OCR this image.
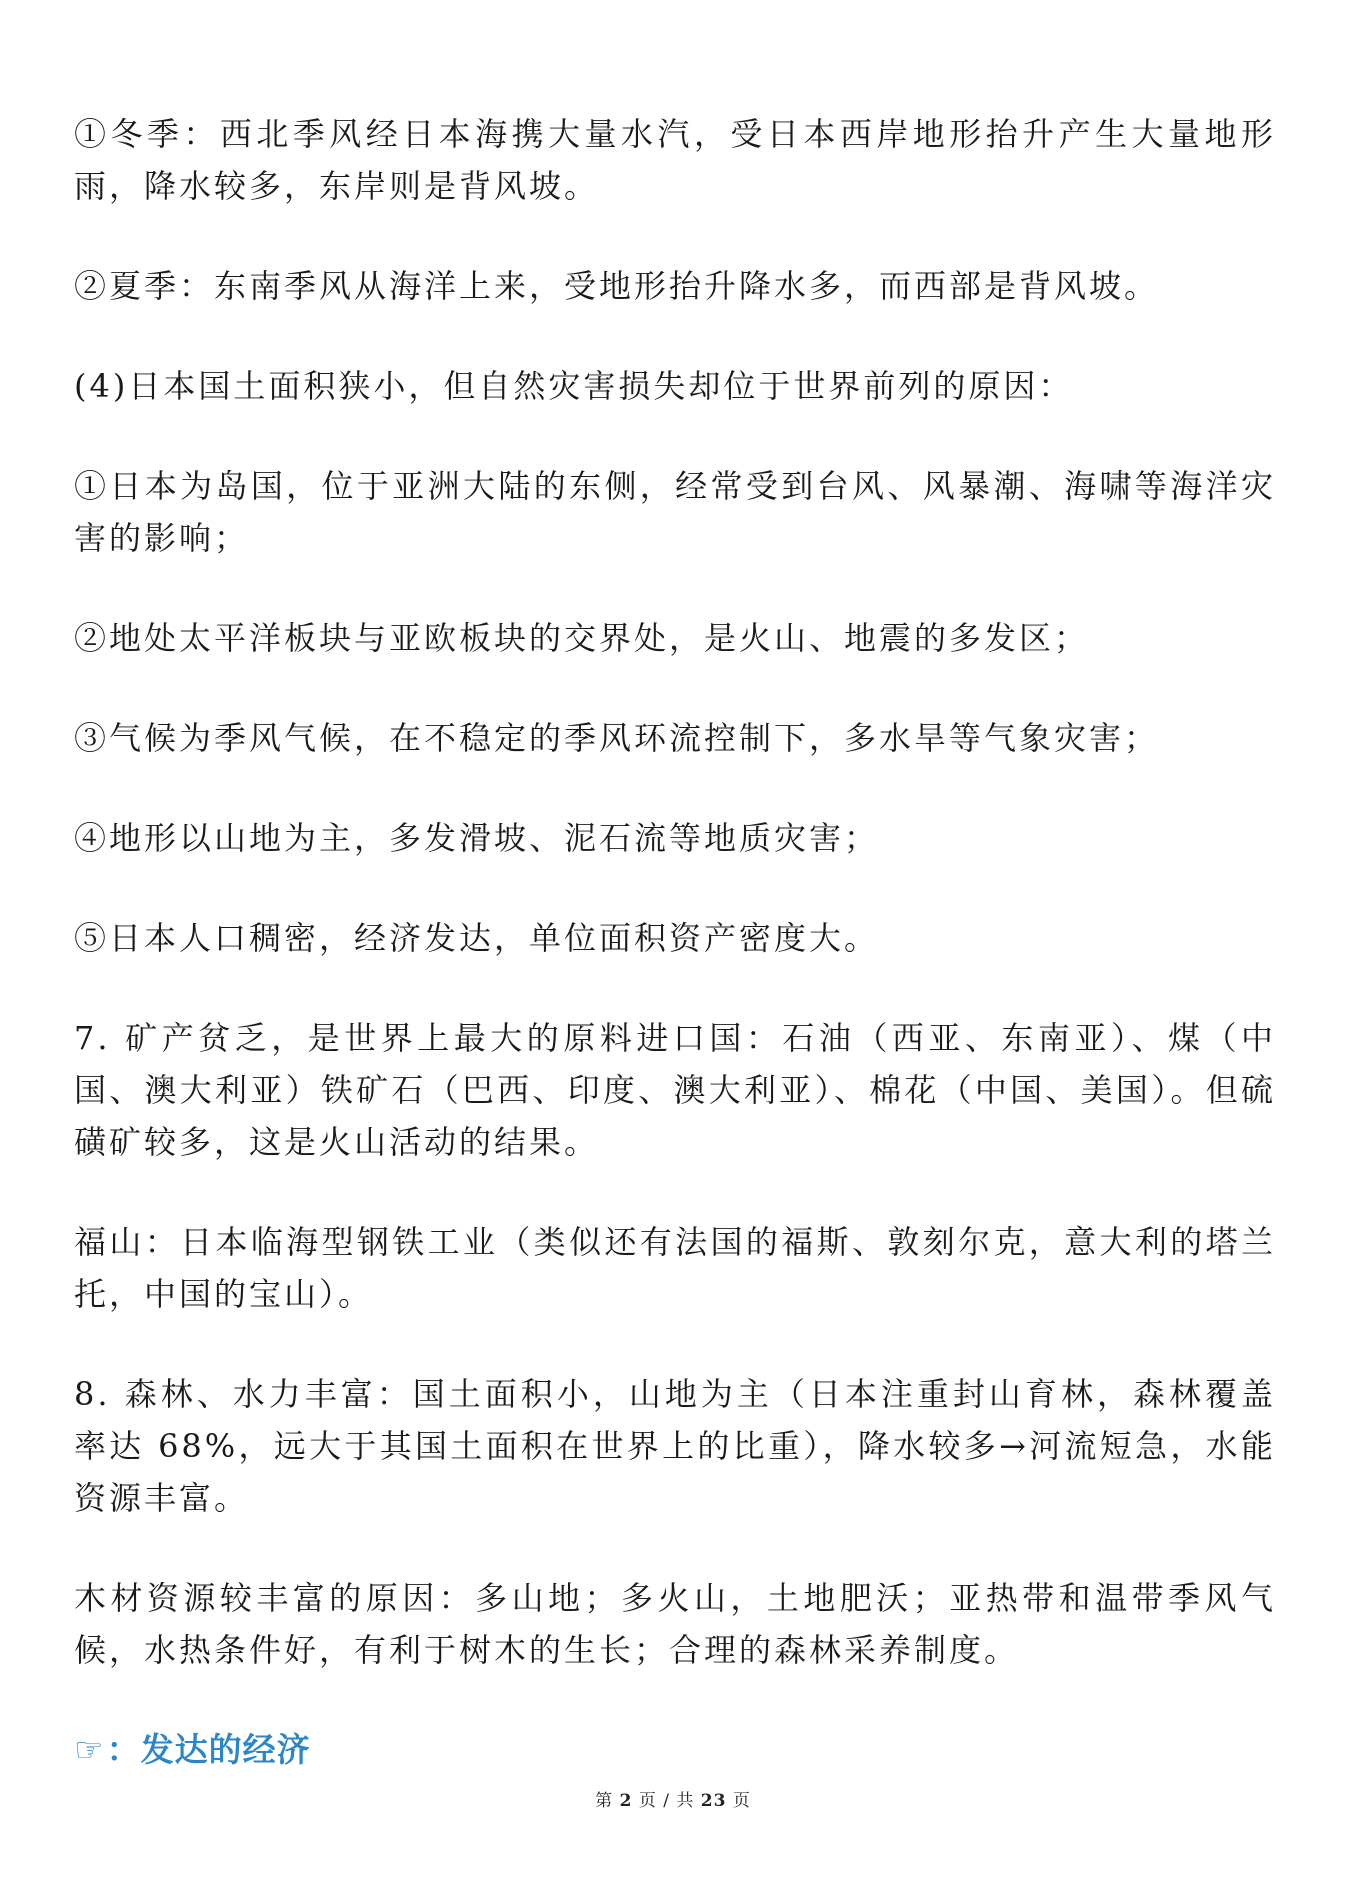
①冬季：西北季风经日本海携大量水汽，受日本西岸地形抬升产生大量地形雨，降水较多，东岸则是背风坡。

②夏季：东南季风从海洋上来，受地形抬升降水多，而西部是背风坡。

(4)日本国土面积狭小，但自然灾害损失却位于世界前列的原因：

①日本为岛国，位于亚洲大陆的东侧，经常受到台风、风暴潮、海啸等海洋灾害的影响；

②地处太平洋板块与亚欧板块的交界处，是火山、地震的多发区；

③气候为季风气候，在不稳定的季风环流控制下，多水旱等气象灾害；

④地形以山地为主，多发滑坡、泥石流等地质灾害；

⑤日本人口稠密，经济发达，单位面积资产密度大。

7. 矿产贫乏，是世界上最大的原料进口国：石油（西亚、东南亚）、煤（中国、澳大利亚）铁矿石（巴西、印度、澳大利亚）、棉花（中国、美国）。但硫磺矿较多，这是火山活动的结果。

福山：日本临海型钢铁工业（类似还有法国的福斯、敦刻尔克，意大利的塔兰托，中国的宝山）。

8. 森林、水力丰富：国土面积小，山地为主（日本注重封山育林，森林覆盖率达 68%，远大于其国土面积在世界上的比重），降水较多→河流短急，水能资源丰富。

木材资源较丰富的原因：多山地；多火山，土地肥沃；亚热带和温带季风气候，水热条件好，有利于树木的生长；合理的森林采养制度。

☞：发达的经济
第 2 页 / 共 23 页
